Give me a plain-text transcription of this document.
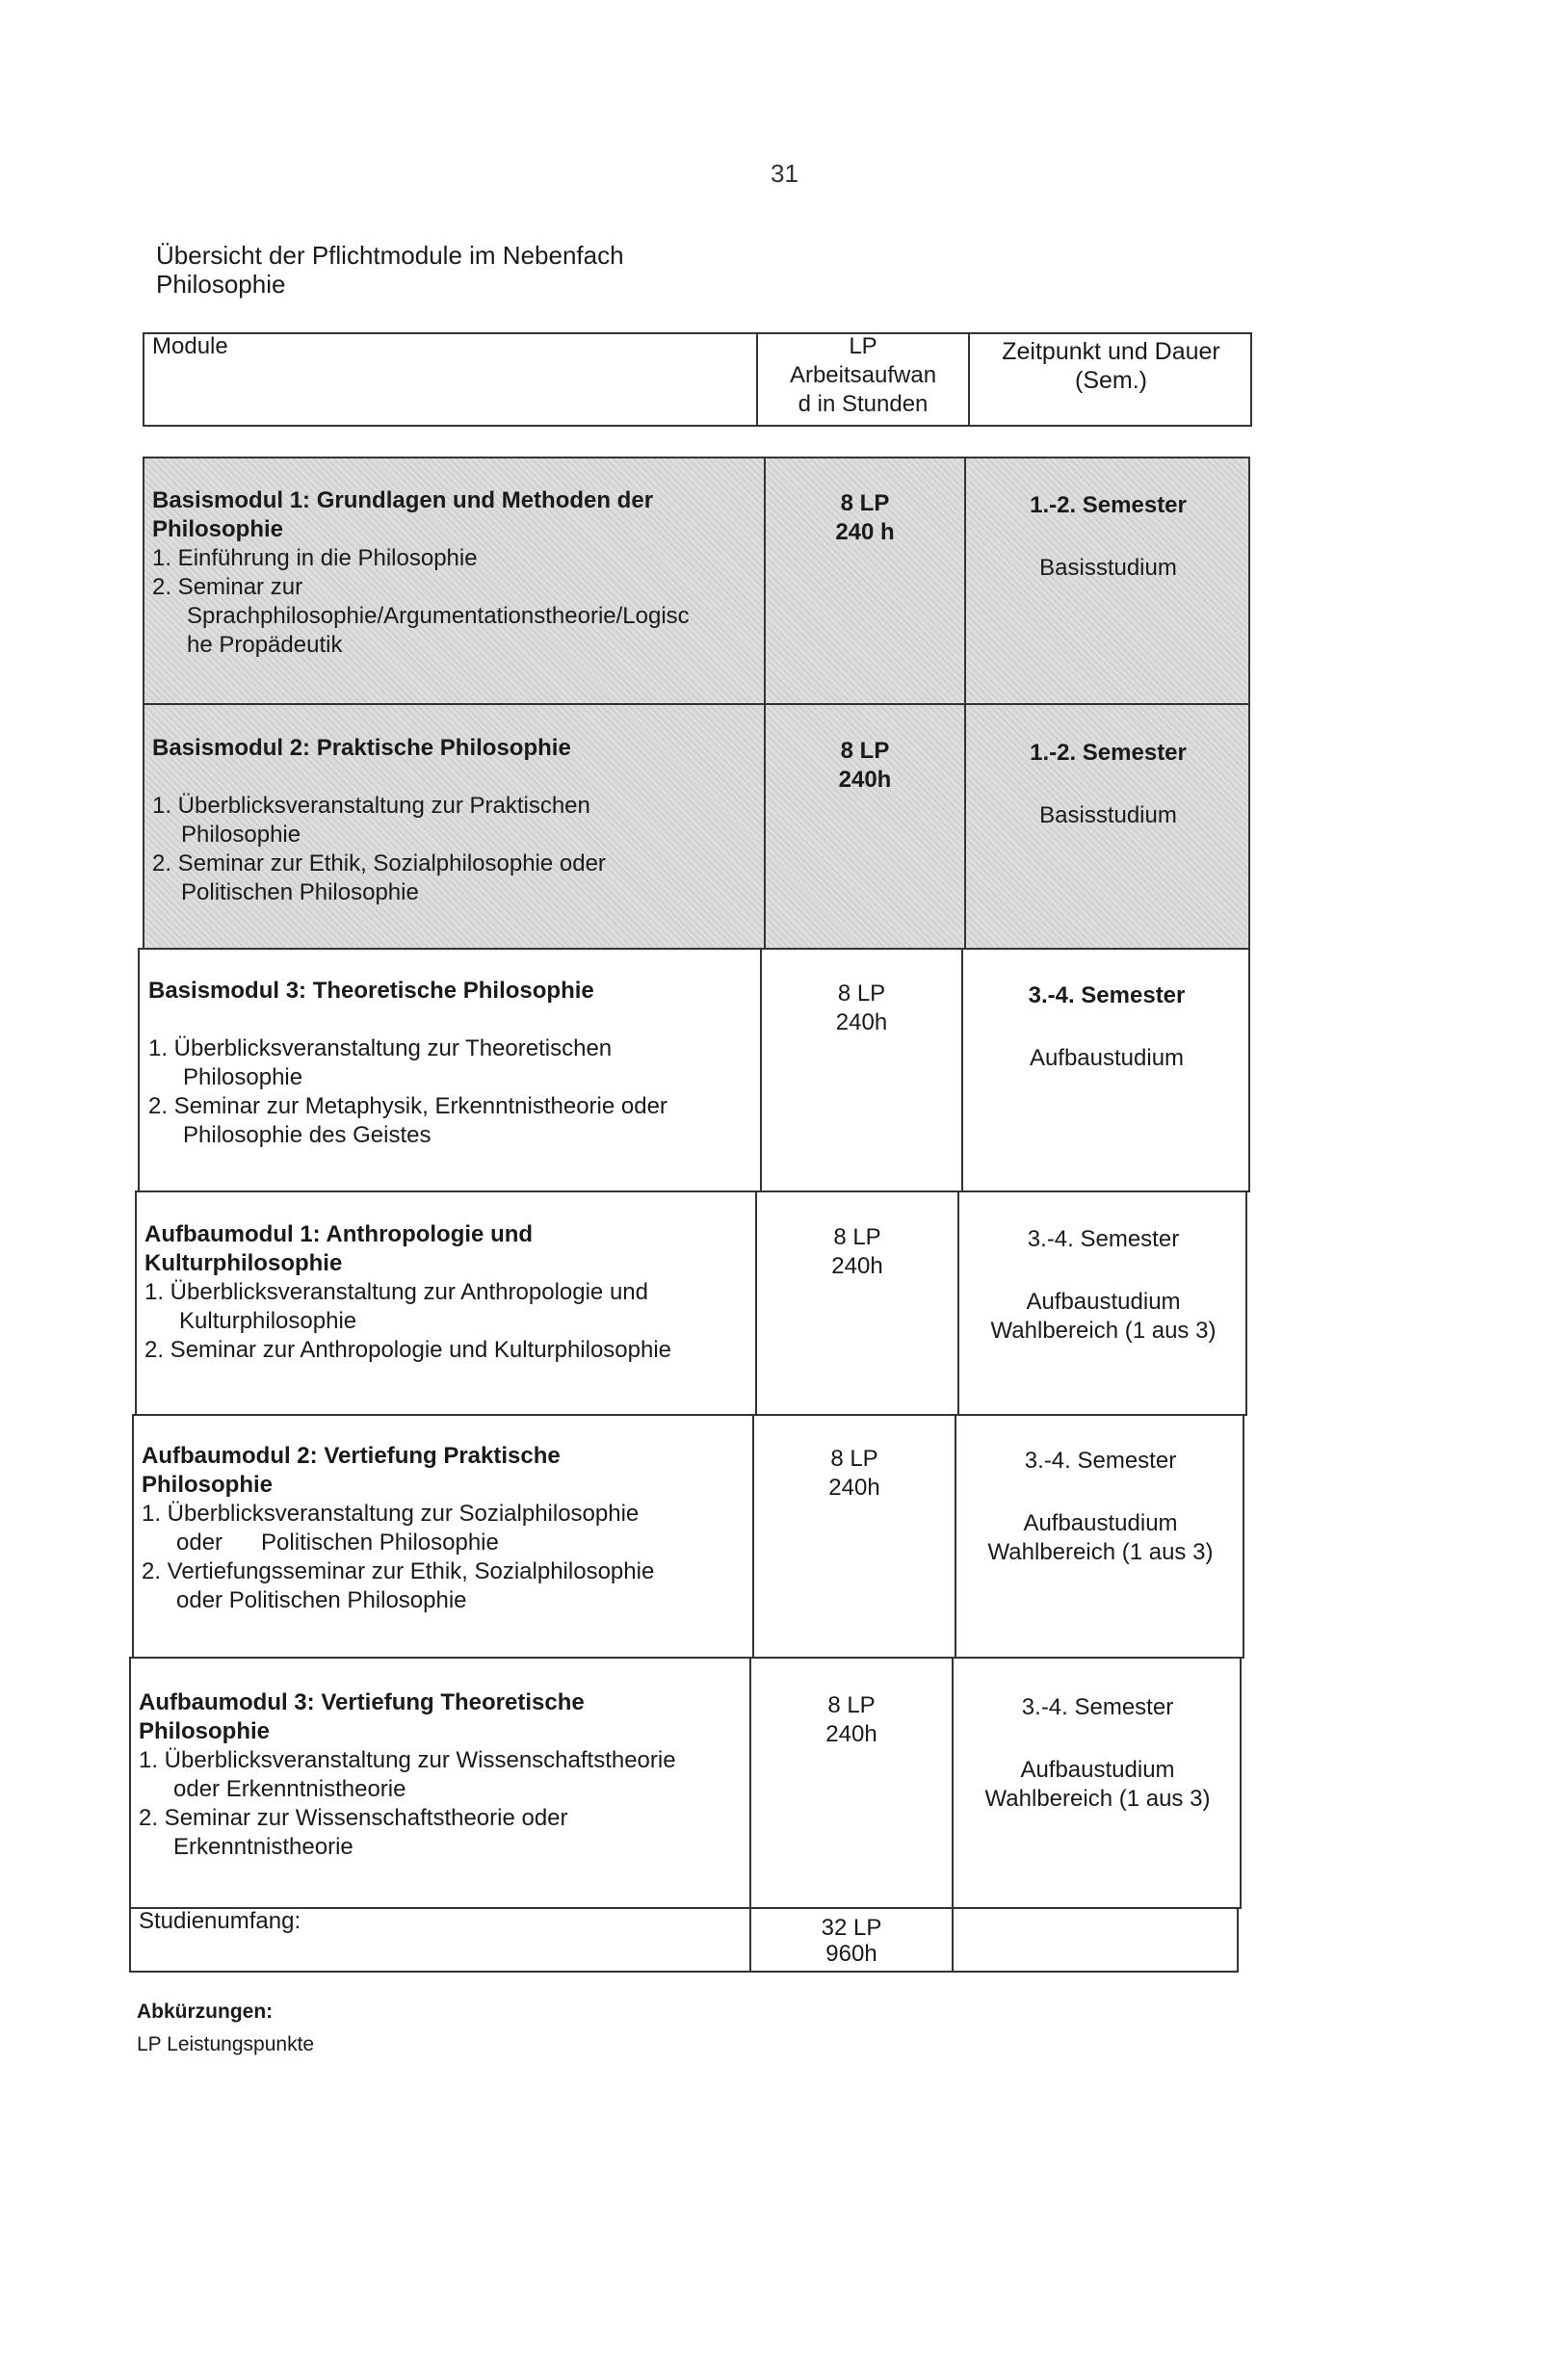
31
Übersicht der Pflichtmodule im Nebenfach
Philosophie
Module	LP
Arbeitsaufwan
d in Stunden
Zeitpunkt und Dauer
(Sem.)
Basismodul 1: Grundlagen und Methoden der
Philosophie
1. Einführung in die Philosophie
2. Seminar zur
Sprachphilosophie/Argumentationstheorie/Logisc
he Propädeutik
8 LP
240 h
1.-2. Semester
Basisstudium
Basismodul 2: Praktische Philosophie
1. Überblicksveranstaltung zur Praktischen
Philosophie
2. Seminar zur Ethik, Sozialphilosophie oder
Politischen Philosophie
8 LP
240h
1.-2. Semester
Basisstudium
Basismodul 3: Theoretische Philosophie
1. Überblicksveranstaltung zur Theoretischen
Philosophie
2. Seminar zur Metaphysik, Erkenntnistheorie oder
Philosophie des Geistes
8 LP
240h
3.-4. Semester
Aufbaustudium
Aufbaumodul 1: Anthropologie und
Kulturphilosophie
1. Überblicksveranstaltung zur Anthropologie und
Kulturphilosophie
2. Seminar zur Anthropologie und Kulturphilosophie
8 LP
240h
3.-4. Semester
Aufbaustudium
Wahlbereich (1 aus 3)
Aufbaumodul 2: Vertiefung Praktische
Philosophie
1. Überblicksveranstaltung zur Sozialphilosophie
oder      Politischen Philosophie
2. Vertiefungsseminar zur Ethik, Sozialphilosophie
oder Politischen Philosophie
8 LP
240h
3.-4. Semester
Aufbaustudium
Wahlbereich (1 aus 3)
Aufbaumodul 3: Vertiefung Theoretische
Philosophie
1. Überblicksveranstaltung zur Wissenschaftstheorie
oder Erkenntnistheorie
2. Seminar zur Wissenschaftstheorie oder
Erkenntnistheorie
8 LP
240h
3.-4. Semester
Aufbaustudium
Wahlbereich (1 aus 3)
Studienumfang:	32 LP
960h
Abkürzungen:
LP Leistungspunkte
